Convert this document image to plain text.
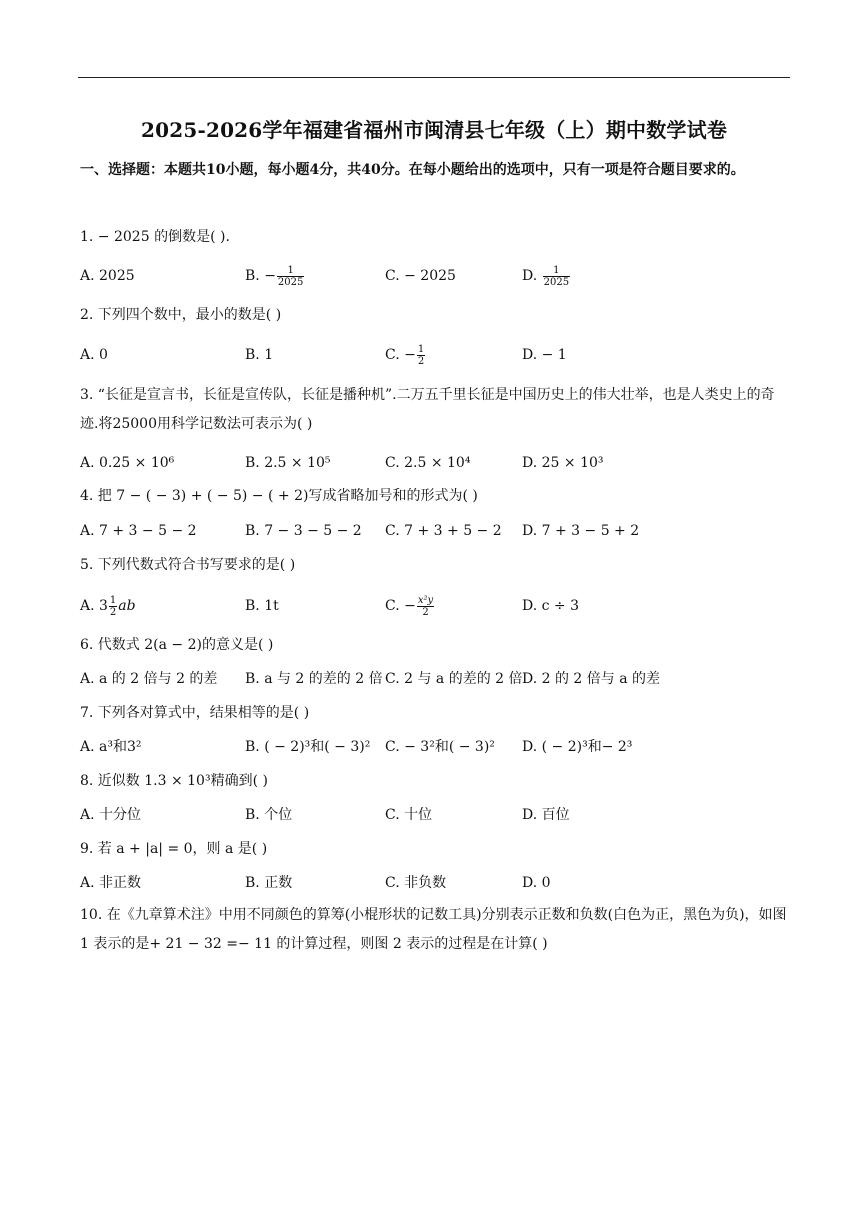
2025-2026学年福建省福州市闽清县七年级（上）期中数学试卷
一、选择题：本题共10小题，每小题4分，共40分。在每小题给出的选项中，只有一项是符合题目要求的。
1. − 2025 的倒数是( ).
A. 2025	B. − $\frac{1}{2025}$	C. − 2025	D. $\frac{1}{2025}$
2. 下列四个数中，最小的数是( )
A. 0	B. 1	C. − $\frac{1}{2}$	D. − 1
3. “长征是宣言书，长征是宣传队，长征是播种机”.二万五千里长征是中国历史上的伟大壮举，也是人类史上的奇迹.将25000用科学记数法可表示为( )
A. 0.25 × 10⁶	B. 2.5 × 10⁵	C. 2.5 × 10⁴	D. 25 × 10³
4. 把 7 − ( − 3) + ( − 5) − ( + 2)写成省略加号和的形式为( )
A. 7 + 3 − 5 − 2	B. 7 − 3 − 5 − 2 C. 7 + 3 + 5 − 2 D. 7 + 3 − 5 + 2
5. 下列代数式符合书写要求的是( )
A. $3 \frac{1}{2}$ ab	B. 1t	C. − $\frac{\text{x²y}}{2}$	D. c ÷ 3
6. 代数式 2(a − 2)的意义是( )
A. a 的 2 倍与 2 的差 B. a 与 2 的差的 2 倍 C. 2 与 a 的差的 2 倍 D. 2 的 2 倍与 a 的差
7. 下列各对算式中，结果相等的是( )
A. a³和3²	B. ( − 2)³和( − 3)² C. − 3²和( − 3)² D. ( − 2)³和− 2³
8. 近似数 1.3 × 10³精确到( )
A. 十分位	B. 个位	C. 十位	D. 百位
9. 若 a + |a| = 0，则 a 是( )
A. 非正数	B. 正数	C. 非负数	D. 0
10. 在《九章算术注》中用不同颜色的算筹(小棍形状的记数工具)分别表示正数和负数(白色为正，黑色为负)，如图 1 表示的是+ 21 − 32 =− 11 的计算过程，则图 2 表示的过程是在计算( )
